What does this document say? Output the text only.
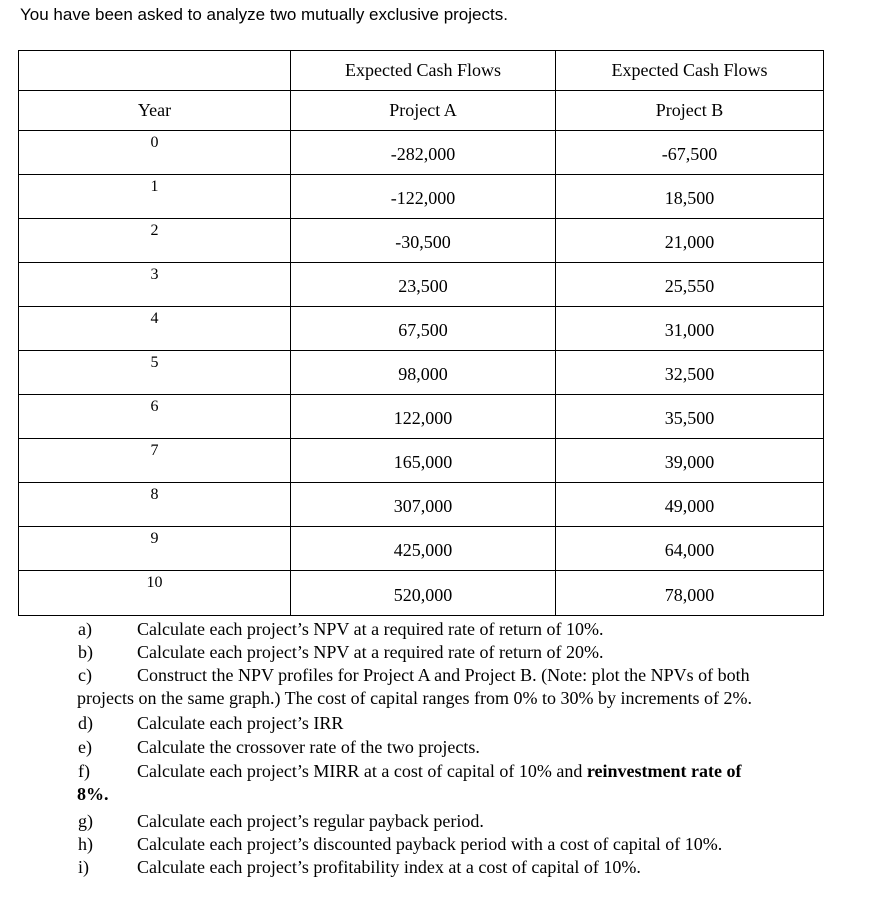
You have been asked to analyze two mutually exclusive projects.

	Expected Cash Flows	Expected Cash Flows
Year	Project A	Project B
0	-282,000	-67,500
1	-122,000	18,500
2	-30,500	21,000
3	23,500	25,550
4	67,500	31,000
5	98,000	32,500
6	122,000	35,500
7	165,000	39,000
8	307,000	49,000
9	425,000	64,000
10	520,000	78,000
a)	Calculate each project’s NPV at a required rate of return of 10%.
b) Calculate each project’s NPV at a required rate of return of 20%.
c)	Construct the NPV profiles for Project A and Project B. (Note: plot the NPVs of both
projects on the same graph.) The cost of capital ranges from 0% to 30% by increments of 2%.
d) Calculate each project’s IRR
e)	Calculate the crossover rate of the two projects.
f)	Calculate each project’s MIRR at a cost of capital of 10% and reinvestment rate of
8%.
g) Calculate each project’s regular payback period.
h) Calculate each project’s discounted payback period with a cost of capital of 10%.
i)	Calculate each project’s profitability index at a cost of capital of 10%.
